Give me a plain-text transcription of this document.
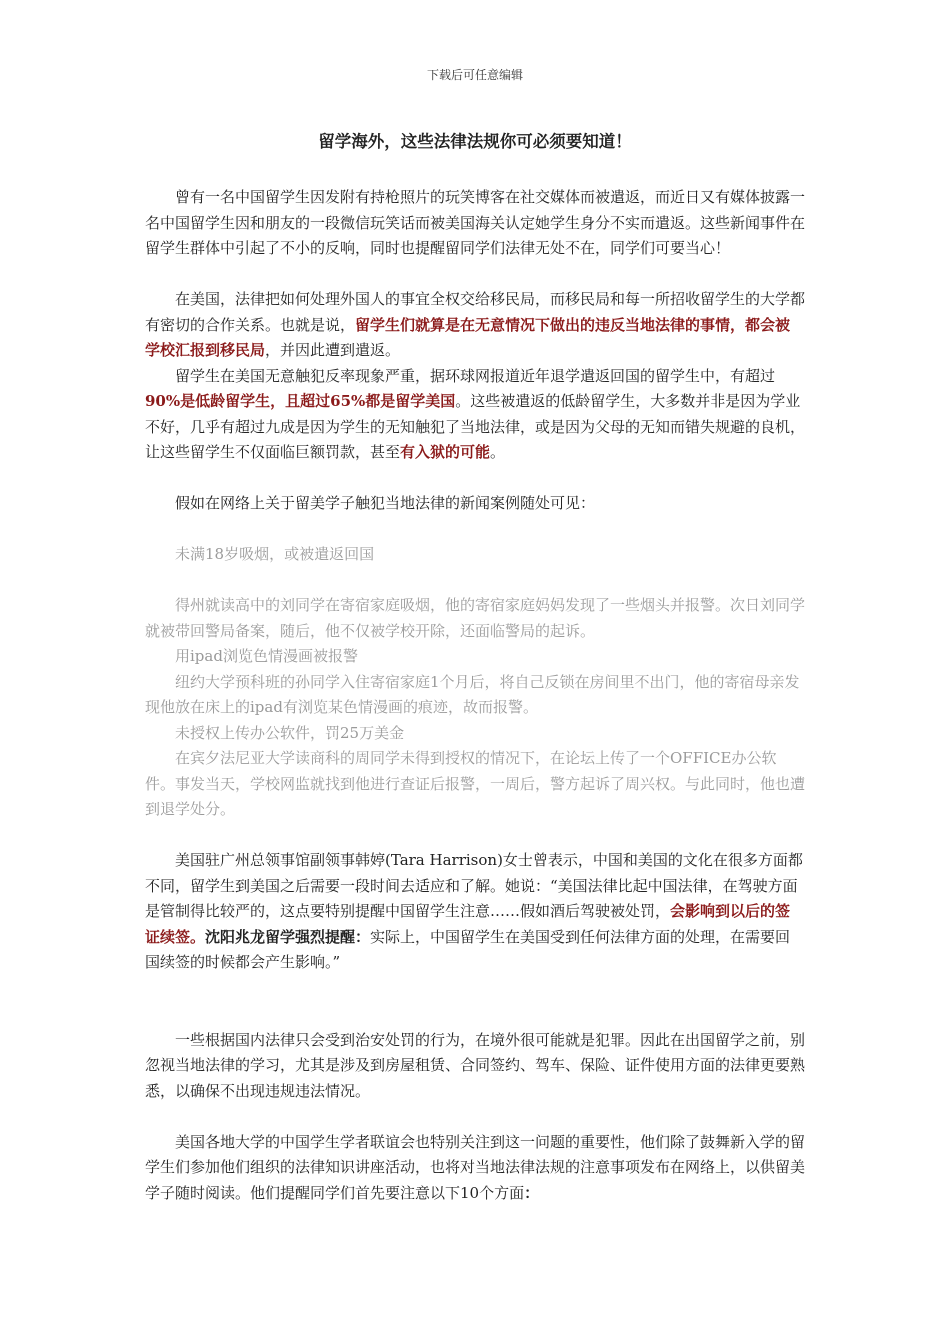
下载后可任意编辑
留学海外，这些法律法规你可必须要知道！

曾有一名中国留学生因发附有持枪照片的玩笑博客在社交媒体而被遣返，而近日又有媒体披露一名中国留学生因和朋友的一段微信玩笑话而被美国海关认定她学生身分不实而遣返。这些新闻事件在留学生群体中引起了不小的反响，同时也提醒留同学们法律无处不在，同学们可要当心！

在美国，法律把如何处理外国人的事宜全权交给移民局，而移民局和每一所招收留学生的大学都有密切的合作关系。也就是说，留学生们就算是在无意情况下做出的违反当地法律的事情，都会被学校汇报到移民局，并因此遭到遣返。

留学生在美国无意触犯反率现象严重，据环球网报道近年退学遣返回国的留学生中，有超过90%是低龄留学生，且超过65%都是留学美国。这些被遣返的低龄留学生，大多数并非是因为学业不好，几乎有超过九成是因为学生的无知触犯了当地法律，或是因为父母的无知而错失规避的良机，让这些留学生不仅面临巨额罚款，甚至有入狱的可能。

假如在网络上关于留美学子触犯当地法律的新闻案例随处可见：

未满18岁吸烟，或被遣返回国

得州就读高中的刘同学在寄宿家庭吸烟，他的寄宿家庭妈妈发现了一些烟头并报警。次日刘同学就被带回警局备案，随后，他不仅被学校开除，还面临警局的起诉。

用ipad浏览色情漫画被报警

纽约大学预科班的孙同学入住寄宿家庭1个月后，将自己反锁在房间里不出门，他的寄宿母亲发现他放在床上的ipad有浏览某色情漫画的痕迹，故而报警。

未授权上传办公软件，罚25万美金

在宾夕法尼亚大学读商科的周同学未得到授权的情况下，在论坛上传了一个OFFICE办公软件。事发当天，学校网监就找到他进行查证后报警，一周后，警方起诉了周兴权。与此同时，他也遭到退学处分。

美国驻广州总领事馆副领事韩婷(Tara Harrison)女士曾表示，中国和美国的文化在很多方面都不同，留学生到美国之后需要一段时间去适应和了解。她说：“美国法律比起中国法律，在驾驶方面是管制得比较严的，这点要特别提醒中国留学生注意……假如酒后驾驶被处罚，会影响到以后的签证续签。沈阳兆龙留学强烈提醒：实际上，中国留学生在美国受到任何法律方面的处理，在需要回国续签的时候都会产生影响。”

一些根据国内法律只会受到治安处罚的行为，在境外很可能就是犯罪。因此在出国留学之前，别忽视当地法律的学习，尤其是涉及到房屋租赁、合同签约、驾车、保险、证件使用方面的法律更要熟悉，以确保不出现违规违法情况。

美国各地大学的中国学生学者联谊会也特别关注到这一问题的重要性，他们除了鼓舞新入学的留学生们参加他们组织的法律知识讲座活动，也将对当地法律法规的注意事项发布在网络上，以供留美学子随时阅读。他们提醒同学们首先要注意以下10个方面：
